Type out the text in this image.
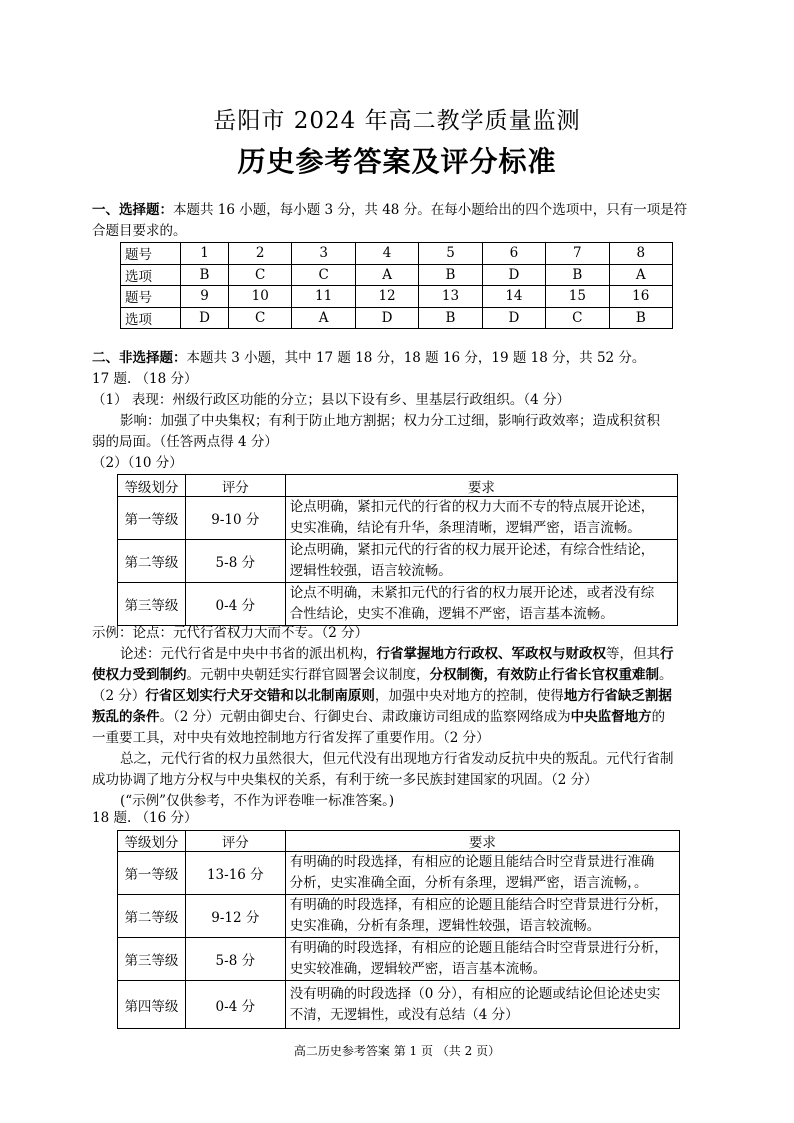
岳阳市 2024 年高二教学质量监测
历史参考答案及评分标准
一、选择题：本题共 16 小题，每小题 3 分，共 48 分。在每小题给出的四个选项中，只有一项是符
合题目要求的。
题号	1	2	3	4	5	6	7	8
选项	B	C	C	A	B	D	B	A
题号	9	10	11	12	13	14	15	16
选项	D	C	A	D	B	D	C	B
二、非选择题：本题共 3 小题，其中 17 题 18 分，18 题 16 分，19 题 18 分，共 52 分。
17 题. （18 分）
（1） 表现：州级行政区功能的分立；县以下设有乡、里基层行政组织。（4 分）
影响：加强了中央集权；有利于防止地方割据；权力分工过细，影响行政效率；造成积贫积
弱的局面。（任答两点得 4 分）
（2）（10 分）
等级划分	评分	要求
第一等级	9-10 分	论点明确，紧扣元代的行省的权力大而不专的特点展开论述，
史实准确，结论有升华，条理清晰，逻辑严密，语言流畅。

第二等级	5-8 分	论点明确，紧扣元代的行省的权力展开论述，有综合性结论，
逻辑性较强，语言较流畅。

第三等级	0-4 分	论点不明确，未紧扣元代的行省的权力展开论述，或者没有综
合性结论，史实不准确，逻辑不严密，语言基本流畅。
示例：论点：元代行省权力大而不专。（2 分）
论述：元代行省是中央中书省的派出机构，行省掌握地方行政权、军政权与财政权等，但其行
使权力受到制约。元朝中央朝廷实行群官圆署会议制度，分权制衡，有效防止行省长官权重难制。
（2 分）行省区划实行犬牙交错和以北制南原则，加强中央对地方的控制，使得地方行省缺乏割据
叛乱的条件。（2 分）元朝由御史台、行御史台、肃政廉访司组成的监察网络成为中央监督地方的
一重要工具，对中央有效地控制地方行省发挥了重要作用。（2 分）
总之，元代行省的权力虽然很大，但元代没有出现地方行省发动反抗中央的叛乱。元代行省制
成功协调了地方分权与中央集权的关系，有利于统一多民族封建国家的巩固。（2 分）
(“示例”仅供参考，不作为评卷唯一标准答案。)
18 题. （16 分）
等级划分	评分	要求
第一等级	13-16 分	有明确的时段选择，有相应的论题且能结合时空背景进行准确
分析，史实准确全面，分析有条理，逻辑严密，语言流畅，。

第二等级	9-12 分	有明确的时段选择，有相应的论题且能结合时空背景进行分析，
史实准确，分析有条理，逻辑性较强，语言较流畅。

第三等级	5-8 分	有明确的时段选择，有相应的论题且能结合时空背景进行分析，
史实较准确，逻辑较严密，语言基本流畅。

第四等级	0-4 分	没有明确的时段选择（0 分），有相应的论题或结论但论述史实
不清，无逻辑性，或没有总结（4 分）
高二历史参考答案 第 1 页 （共 2 页）
